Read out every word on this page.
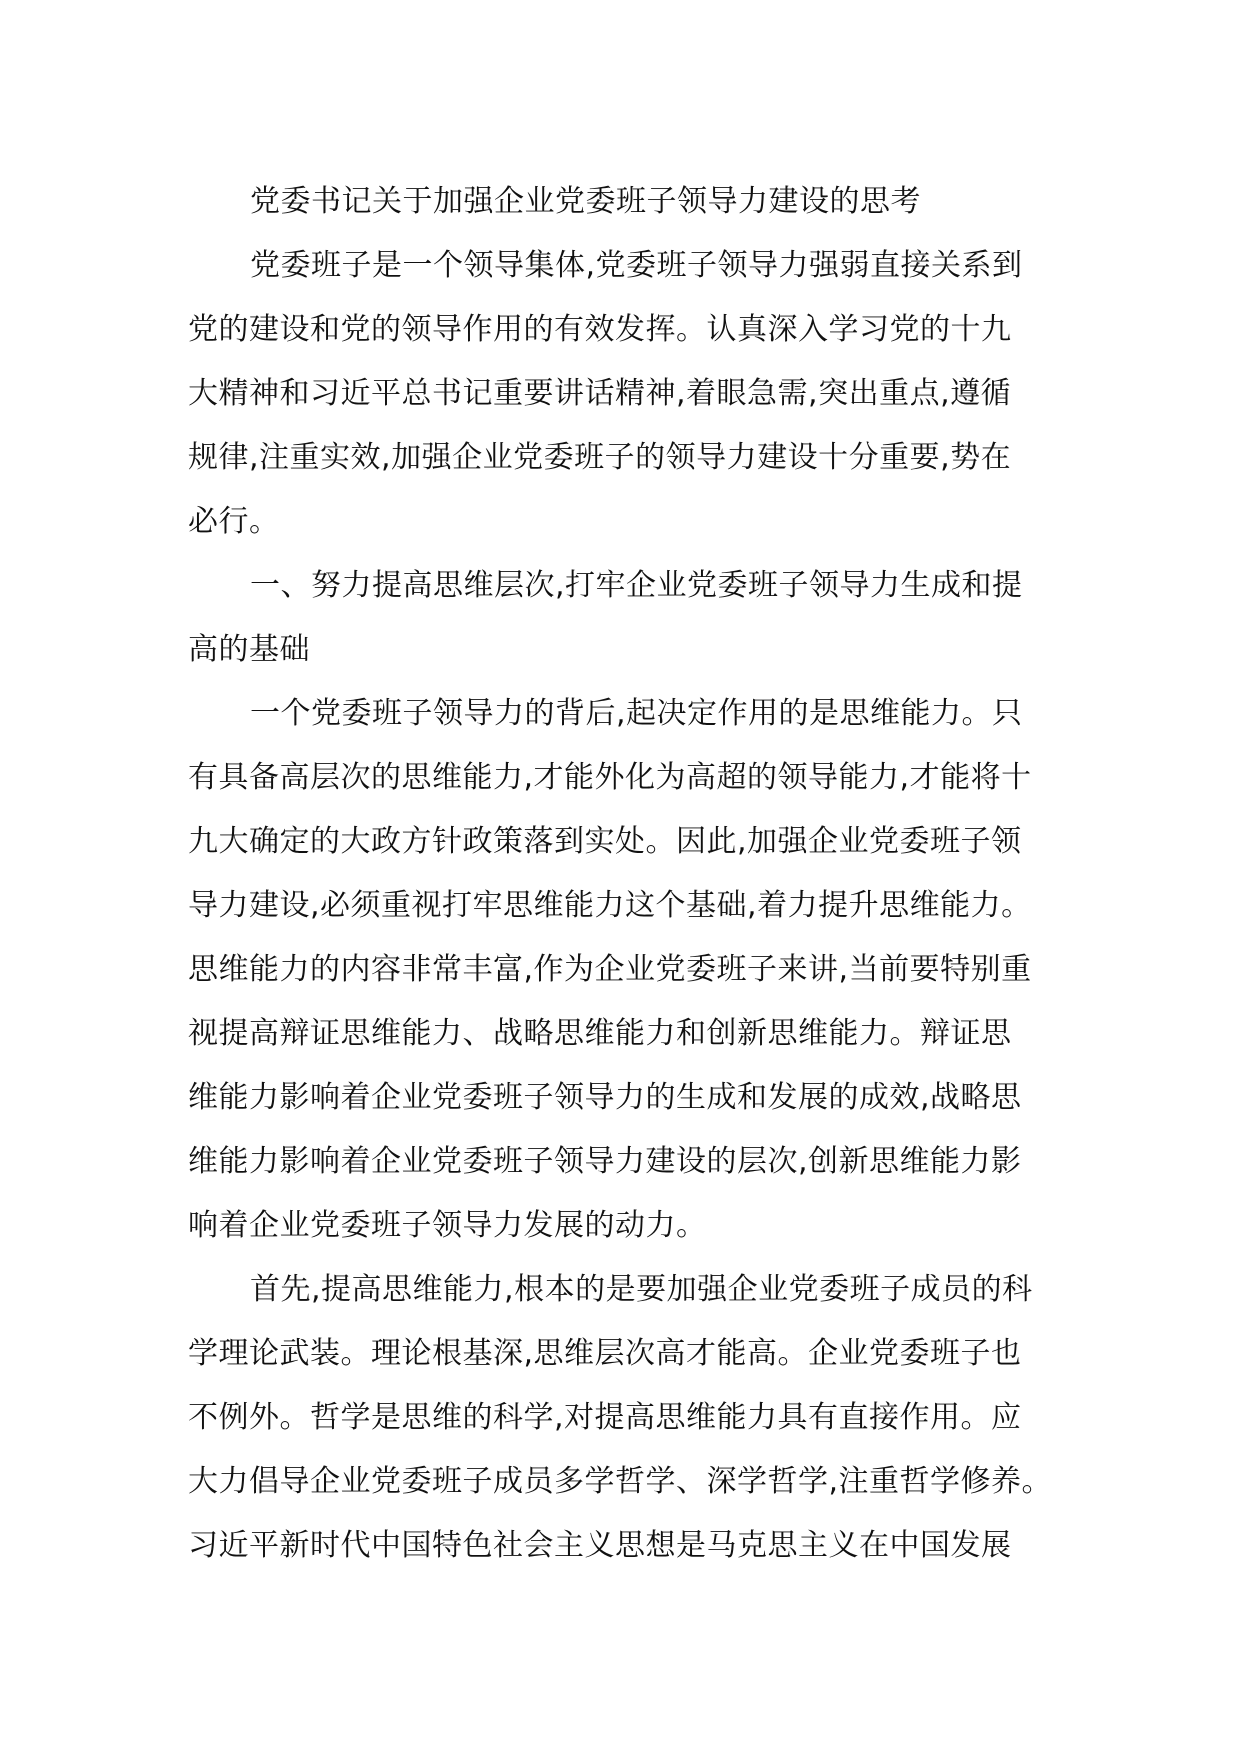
党委书记关于加强企业党委班子领导力建设的思考
党委班子是一个领导集体,党委班子领导力强弱直接关系到
党的建设和党的领导作用的有效发挥。认真深入学习党的十九
大精神和习近平总书记重要讲话精神,着眼急需,突出重点,遵循
规律,注重实效,加强企业党委班子的领导力建设十分重要,势在
必行。
一、努力提高思维层次,打牢企业党委班子领导力生成和提
高的基础
一个党委班子领导力的背后,起决定作用的是思维能力。只
有具备高层次的思维能力,才能外化为高超的领导能力,才能将十
九大确定的大政方针政策落到实处。因此,加强企业党委班子领
导力建设,必须重视打牢思维能力这个基础,着力提升思维能力。
思维能力的内容非常丰富,作为企业党委班子来讲,当前要特别重
视提高辩证思维能力、战略思维能力和创新思维能力。辩证思
维能力影响着企业党委班子领导力的生成和发展的成效,战略思
维能力影响着企业党委班子领导力建设的层次,创新思维能力影
响着企业党委班子领导力发展的动力。
首先,提高思维能力,根本的是要加强企业党委班子成员的科
学理论武装。理论根基深,思维层次高才能高。企业党委班子也
不例外。哲学是思维的科学,对提高思维能力具有直接作用。应
大力倡导企业党委班子成员多学哲学、深学哲学,注重哲学修养。
习近平新时代中国特色社会主义思想是马克思主义在中国发展
